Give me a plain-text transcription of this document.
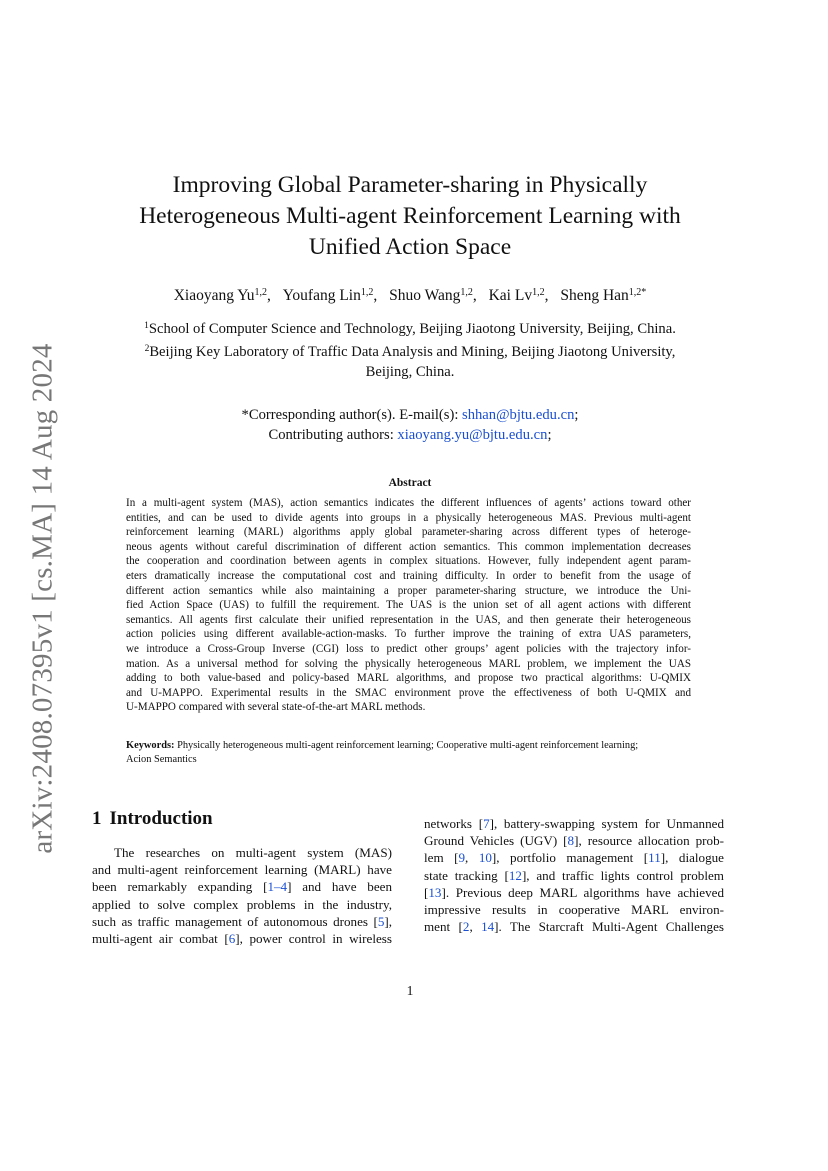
arXiv:2408.07395v1 [cs.MA] 14 Aug 2024
Improving Global Parameter-sharing in Physically
Heterogeneous Multi-agent Reinforcement Learning with
Unified Action Space
Xiaoyang Yu$^{1,2}$, Youfang Lin$^{1,2}$, Shuo Wang$^{1,2}$, Kai Lv$^{1,2}$, Sheng Han$^{1,2*}$
$^1$School of Computer Science and Technology, Beijing Jiaotong University, Beijing, China.
$^2$Beijing Key Laboratory of Traffic Data Analysis and Mining, Beijing Jiaotong University,
Beijing, China.
*Corresponding author(s). E-mail(s): shhan@bjtu.edu.cn;
Contributing authors: xiaoyang.yu@bjtu.edu.cn;
Abstract
In a multi-agent system (MAS), action semantics indicates the different influences of agents’ actions toward other
entities, and can be used to divide agents into groups in a physically heterogeneous MAS. Previous multi-agent
reinforcement learning (MARL) algorithms apply global parameter-sharing across different types of heteroge-
neous agents without careful discrimination of different action semantics. This common implementation decreases
the cooperation and coordination between agents in complex situations. However, fully independent agent param-
eters dramatically increase the computational cost and training difficulty. In order to benefit from the usage of
different action semantics while also maintaining a proper parameter-sharing structure, we introduce the Uni-
fied Action Space (UAS) to fulfill the requirement. The UAS is the union set of all agent actions with different
semantics. All agents first calculate their unified representation in the UAS, and then generate their heterogeneous
action policies using different available-action-masks. To further improve the training of extra UAS parameters,
we introduce a Cross-Group Inverse (CGI) loss to predict other groups’ agent policies with the trajectory infor-
mation. As a universal method for solving the physically heterogeneous MARL problem, we implement the UAS
adding to both value-based and policy-based MARL algorithms, and propose two practical algorithms: U-QMIX
and U-MAPPO. Experimental results in the SMAC environment prove the effectiveness of both U-QMIX and
U-MAPPO compared with several state-of-the-art MARL methods.
Keywords: Physically heterogeneous multi-agent reinforcement learning; Cooperative multi-agent reinforcement learning;
Acion Semantics
1 Introduction
The researches on multi-agent system (MAS)
and multi-agent reinforcement learning (MARL) have
been remarkably expanding [1–4] and have been
applied to solve complex problems in the industry,
such as traffic management of autonomous drones [5],
multi-agent air combat [6], power control in wireless
networks [7], battery-swapping system for Unmanned
Ground Vehicles (UGV) [8], resource allocation prob-
lem [9, 10], portfolio management [11], dialogue
state tracking [12], and traffic lights control problem
[13]. Previous deep MARL algorithms have achieved
impressive results in cooperative MARL environ-
ment [2, 14]. The Starcraft Multi-Agent Challenges
1
